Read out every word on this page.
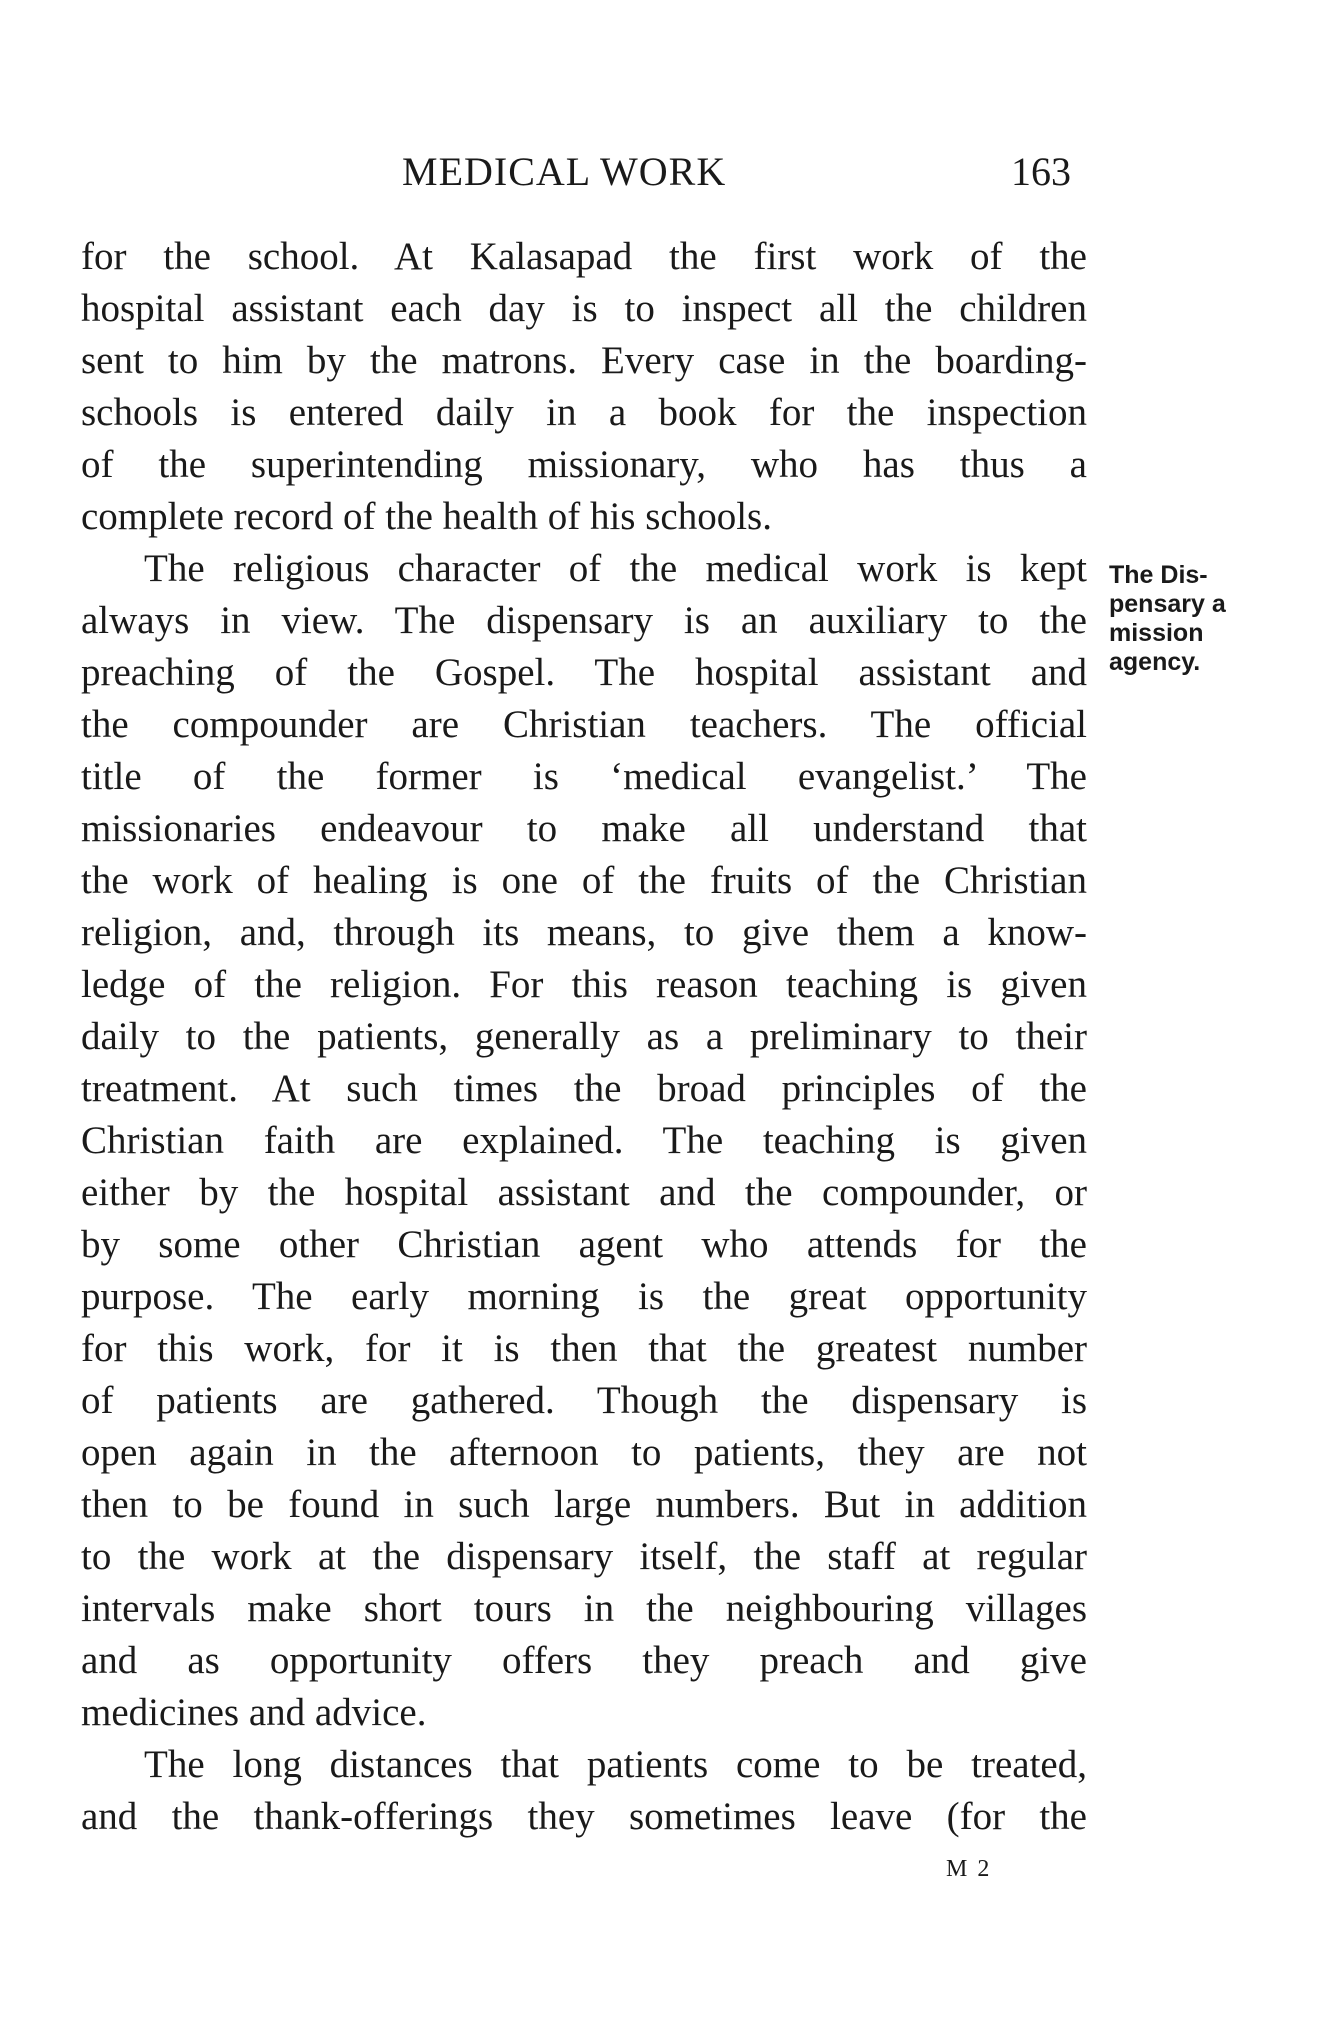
MEDICAL WORK	163
for the school. At Kalasapad the first work of the
hospital assistant each day is to inspect all the children
sent to him by the matrons. Every case in the boarding-
schools is entered daily in a book for the inspection
of the superintending missionary, who has thus a
complete record of the health of his schools.
The religious character of the medical work is kept
always in view. The dispensary is an auxiliary to the
preaching of the Gospel. The hospital assistant and
the compounder are Christian teachers. The official
title of the former is ‘medical evangelist.’ The
missionaries endeavour to make all understand that
the work of healing is one of the fruits of the Christian
religion, and, through its means, to give them a know-
ledge of the religion. For this reason teaching is given
daily to the patients, generally as a preliminary to their
treatment. At such times the broad principles of the
Christian faith are explained. The teaching is given
either by the hospital assistant and the compounder, or
by some other Christian agent who attends for the
purpose. The early morning is the great opportunity
for this work, for it is then that the greatest number
of patients are gathered. Though the dispensary is
open again in the afternoon to patients, they are not
then to be found in such large numbers. But in addition
to the work at the dispensary itself, the staff at regular
intervals make short tours in the neighbouring villages
and as opportunity offers they preach and give
medicines and advice.
The long distances that patients come to be treated,
and the thank-offerings they sometimes leave (for the
The Dis-
pensary a
mission
agency.
M 2
